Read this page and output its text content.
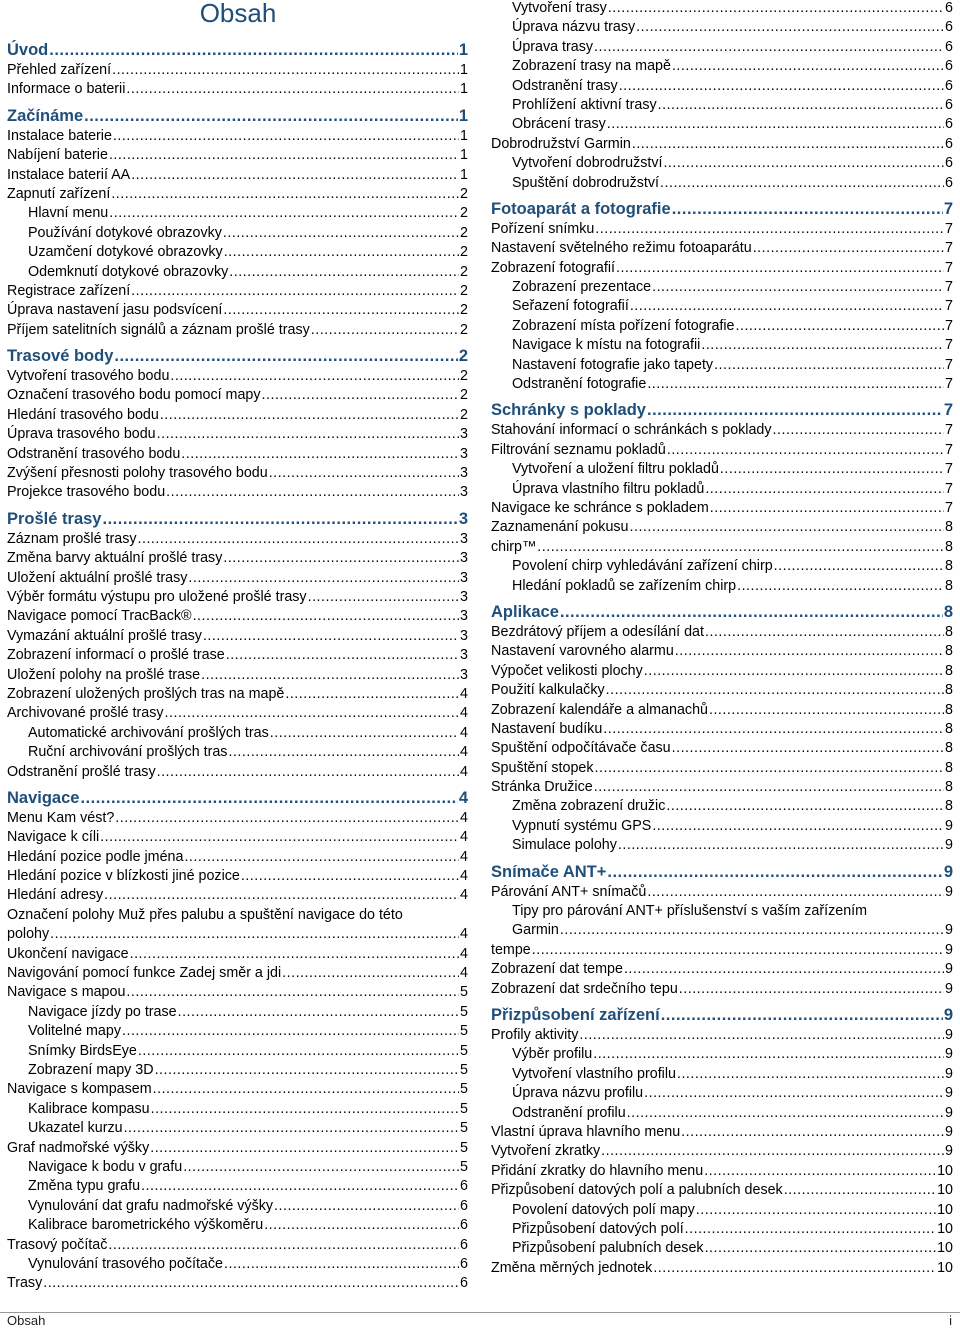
Obsah
Úvod .....	1
Přehled zařízení .....	1
Informace o baterii .....	1
Začínáme .....	1
Instalace baterie .....	1
Nabíjení baterie .....	1
Instalace baterií AA .....	1
Zapnutí zařízení .....	2
Hlavní menu .....	2
Používání dotykové obrazovky .....	2
Uzamčení dotykové obrazovky .....	2
Odemknutí dotykové obrazovky .....	2
Registrace zařízení .....	2
Úprava nastavení jasu podsvícení .....	2
Příjem satelitních signálů a záznam prošlé trasy .....	2
Trasové body .....	2
Vytvoření trasového bodu .....	2
Označení trasového bodu pomocí mapy .....	2
Hledání trasového bodu .....	2
Úprava trasového bodu .....	3
Odstranění trasového bodu .....	3
Zvýšení přesnosti polohy trasového bodu .....	3
Projekce trasového bodu .....	3
Prošlé trasy .....	3
Záznam prošlé trasy .....	3
Změna barvy aktuální prošlé trasy .....	3
Uložení aktuální prošlé trasy .....	3
Výběr formátu výstupu pro uložené prošlé trasy .....	3
Navigace pomocí TracBack® .....	3
Vymazání aktuální prošlé trasy .....	3
Zobrazení informací o prošlé trase .....	3
Uložení polohy na prošlé trase .....	3
Zobrazení uložených prošlých tras na mapě .....	4
Archivované prošlé trasy .....	4
Automatické archivování prošlých tras .....	4
Ruční archivování prošlých tras .....	4
Odstranění prošlé trasy .....	4
Navigace .....	4
Menu Kam vést? .....	4
Navigace k cíli .....	4
Hledání pozice podle jména .....	4
Hledání pozice v blízkosti jiné pozice .....	4
Hledání adresy .....	4
Označení polohy Muž přes palubu a spuštění navigace do této
polohy .....	4
Ukončení navigace .....	4
Navigování pomocí funkce Zadej směr a jdi .....	4
Navigace s mapou .....	5
Navigace jízdy po trase .....	5
Volitelné mapy .....	5
Snímky BirdsEye .....	5
Zobrazení mapy 3D .....	5
Navigace s kompasem .....	5
Kalibrace kompasu .....	5
Ukazatel kurzu .....	5
Graf nadmořské výšky .....	5
Navigace k bodu v grafu .....	5
Změna typu grafu .....	6
Vynulování dat grafu nadmořské výšky .....	6
Kalibrace barometrického výškoměru .....	6
Trasový počítač .....	6
Vynulování trasového počítače .....	6
Trasy .....	6
Vytvoření trasy .....	6
Úprava názvu trasy .....	6
Úprava trasy .....	6
Zobrazení trasy na mapě .....	6
Odstranění trasy .....	6
Prohlížení aktivní trasy .....	6
Obrácení trasy .....	6
Dobrodružství Garmin .....	6
Vytvoření dobrodružství .....	6
Spuštění dobrodružství .....	6
Fotoaparát a fotografie .....	7
Pořízení snímku .....	7
Nastavení světelného režimu fotoaparátu .....	7
Zobrazení fotografií .....	7
Zobrazení prezentace .....	7
Seřazení fotografií .....	7
Zobrazení místa pořízení fotografie .....	7
Navigace k místu na fotografii .....	7
Nastavení fotografie jako tapety .....	7
Odstranění fotografie .....	7
Schránky s poklady .....	7
Stahování informací o schránkách s poklady .....	7
Filtrování seznamu pokladů .....	7
Vytvoření a uložení filtru pokladů .....	7
Úprava vlastního filtru pokladů .....	7
Navigace ke schránce s pokladem .....	7
Zaznamenání pokusu .....	8
chirp™ .....	8
Povolení chirp vyhledávání zařízení chirp .....	8
Hledání pokladů se zařízením chirp .....	8
Aplikace .....	8
Bezdrátový příjem a odesílání dat .....	8
Nastavení varovného alarmu .....	8
Výpočet velikosti plochy .....	8
Použití kalkulačky .....	8
Zobrazení kalendáře a almanachů .....	8
Nastavení budíku .....	8
Spuštění odpočítávače času .....	8
Spuštění stopek .....	8
Stránka Družice .....	8
Změna zobrazení družic .....	8
Vypnutí systému GPS .....	9
Simulace polohy .....	9
Snímače ANT+ .....	9
Párování ANT+ snímačů .....	9
Tipy pro párování ANT+ příslušenství s vaším zařízením
Garmin .....	9
tempe .....	9
Zobrazení dat tempe .....	9
Zobrazení dat srdečního tepu .....	9
Přizpůsobení zařízení .....	9
Profily aktivity .....	9
Výběr profilu .....	9
Vytvoření vlastního profilu .....	9
Úprava názvu profilu .....	9
Odstranění profilu .....	9
Vlastní úprava hlavního menu .....	9
Vytvoření zkratky .....	9
Přidání zkratky do hlavního menu .....	10
Přizpůsobení datových polí a palubních desek .....	10
Povolení datových polí mapy .....	10
Přizpůsobení datových polí .....	10
Přizpůsobení palubních desek .....	10
Změna měrných jednotek .....	10
Obsah	i
